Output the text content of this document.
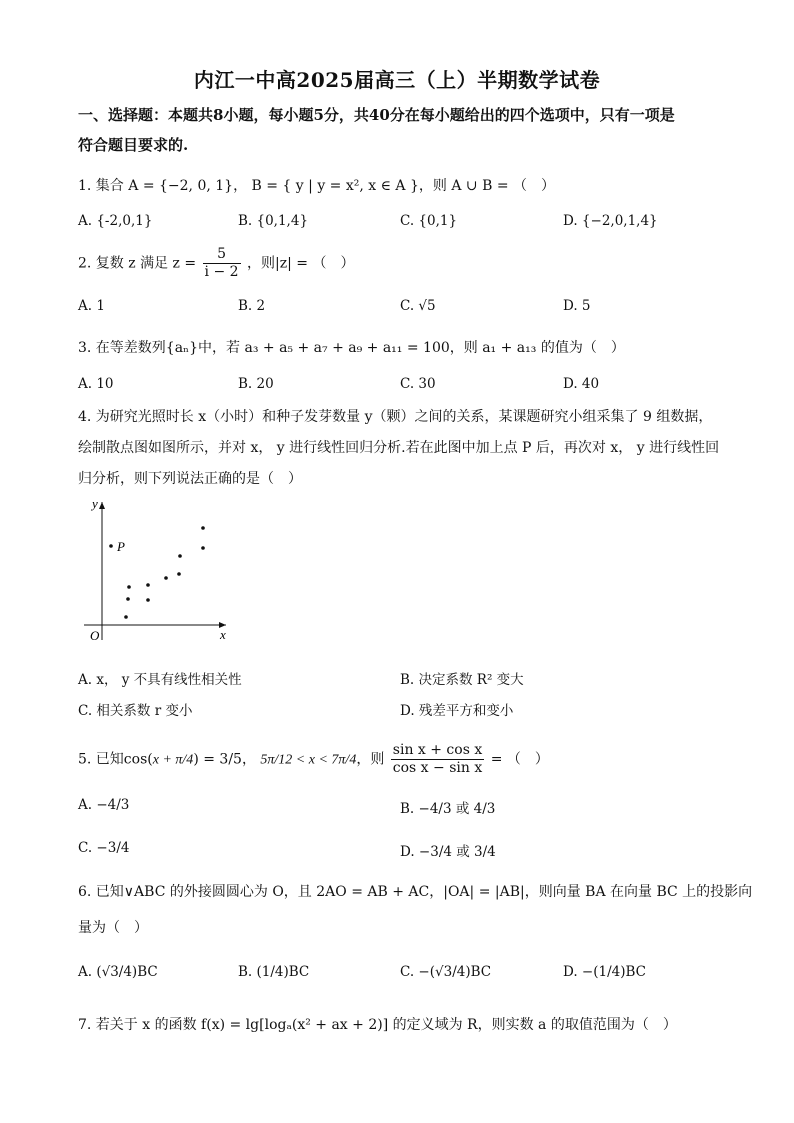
内江一中高2025届高三（上）半期数学试卷
一、选择题：本题共8小题，每小题5分，共40分在每小题给出的四个选项中，只有一项是
符合题目要求的.
1. 集合 A = {−2, 0, 1}， B = { y | y = x², x ∈ A }，则 A ∪ B = （　）
A. {-2,0,1}	B. {0,1,4}	C. {0,1}	D. {−2,0,1,4}
2. 复数 z 满足 $z = \frac{5}{i - 2}$ ，则|z| = （　）
A. 1	B. 2	C. √5	D. 5
3. 在等差数列{aₙ}中，若 a₃ + a₅ + a₇ + a₉ + a₁₁ = 100，则 a₁ + a₁₃ 的值为（　）
A. 10	B. 20	C. 30	D. 40
4. 为研究光照时长 x（小时）和种子发芽数量 y（颗）之间的关系，某课题研究小组采集了 9 组数据，
绘制散点图如图所示，并对 x， y 进行线性回归分析.若在此图中加上点 P 后，再次对 x， y 进行线性回
归分析，则下列说法正确的是（　）
y
x
O
P
A. x， y 不具有线性相关性	B. 决定系数 R² 变大
C. 相关系数 r 变小	D. 残差平方和变小
5. 已知cos(x + π/4) = 3/5， 5π/12 < x < 7π/4，则 $\frac{\text{sin x + cos x}}{\text{cos x − sin x}}$ = （　）
A. −4/3	B. −4/3 或 4/3
C. −3/4	D. −3/4 或 3/4
6. 已知∨ABC 的外接圆圆心为 O，且 2AO = AB + AC，|OA| = |AB|，则向量 BA 在向量 BC 上的投影向
量为（　）
A. (√3/4)BC	B. (1/4)BC	C. −(√3/4)BC	D. −(1/4)BC
7. 若关于 x 的函数 f(x) = lg[logₐ(x² + ax + 2)] 的定义域为 R，则实数 a 的取值范围为（　）
